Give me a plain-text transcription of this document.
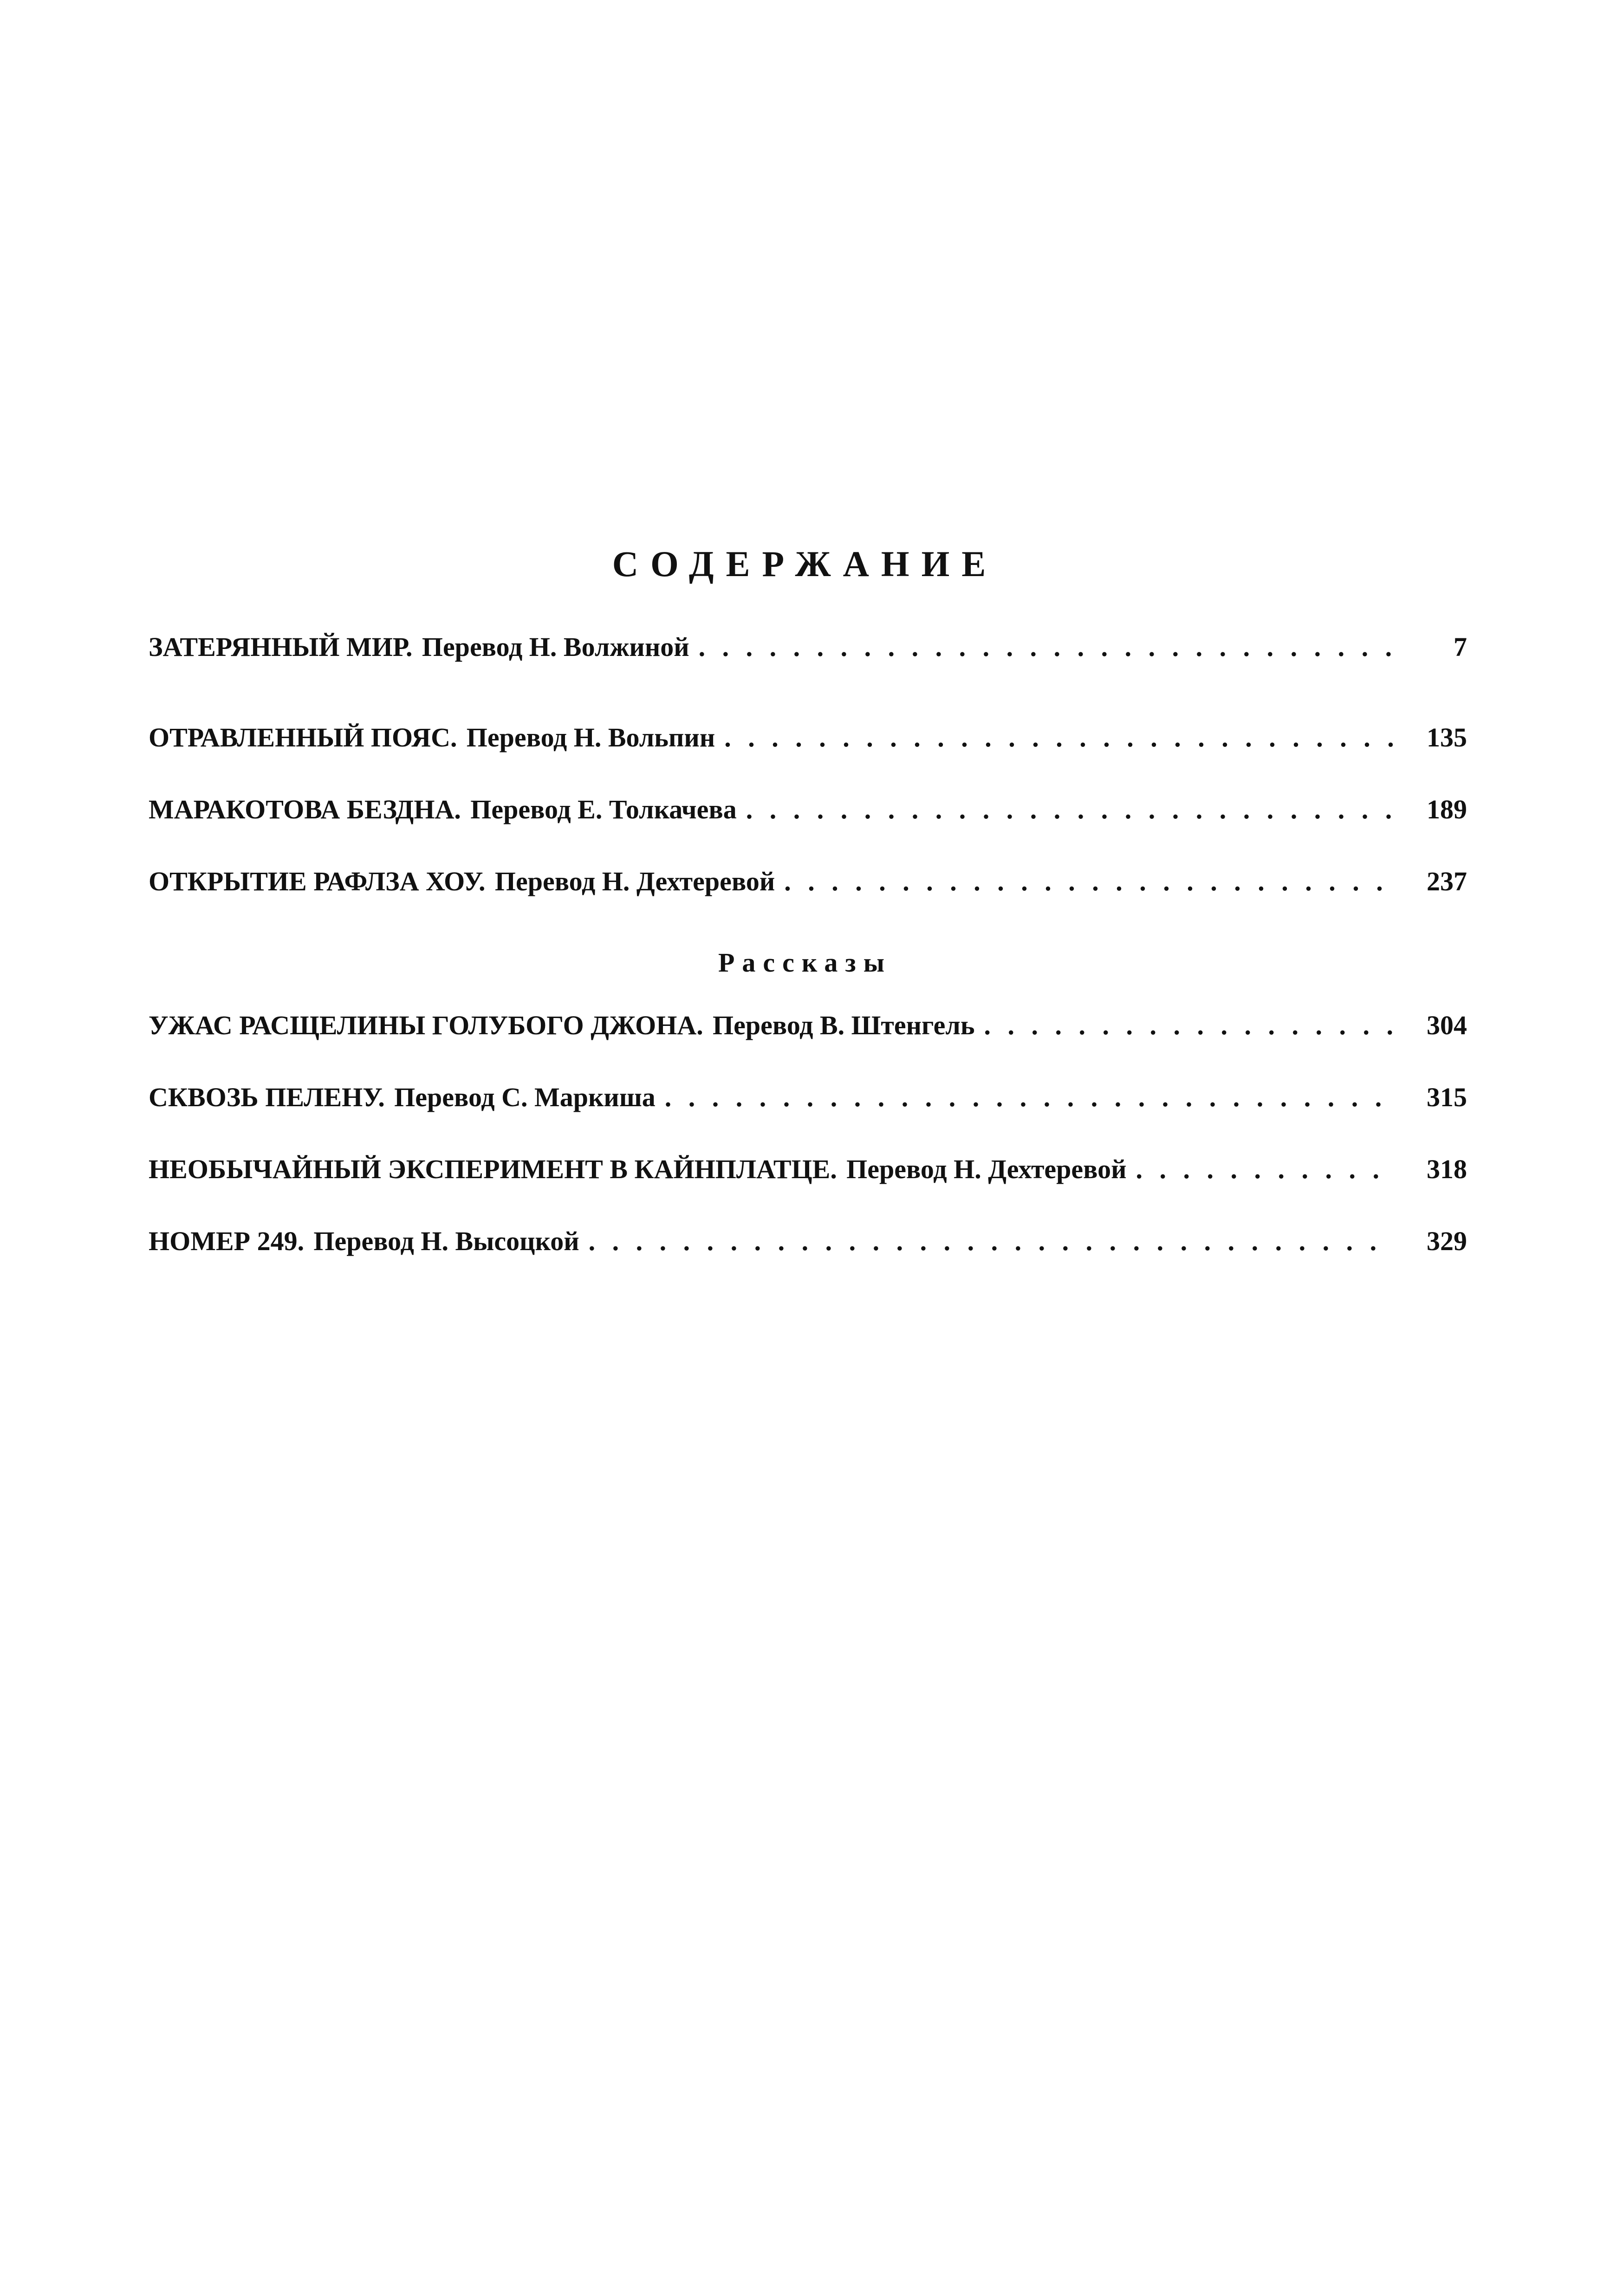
СОДЕРЖАНИЕ
ЗАТЕРЯННЫЙ МИР. Перевод Н. Волжиной . . .	7
ОТРАВЛЕННЫЙ ПОЯС. Перевод Н. Вольпин . . .	135
МАРАКОТОВА БЕЗДНА. Перевод Е. Толкачева . . .	189
ОТКРЫТИЕ РАФЛЗА ХОУ. Перевод Н. Дехтеревой . . .	237
Рассказы
УЖАС РАСЩЕЛИНЫ ГОЛУБОГО ДЖОНА. Перевод В. Штенгель . . .	304
СКВОЗЬ ПЕЛЕНУ. Перевод С. Маркиша . . .	315
НЕОБЫЧАЙНЫЙ ЭКСПЕРИМЕНТ В КАЙНПЛАТЦЕ. Перевод Н. Дехтеревой . . .	318
НОМЕР 249. Перевод Н. Высоцкой . . .	329
